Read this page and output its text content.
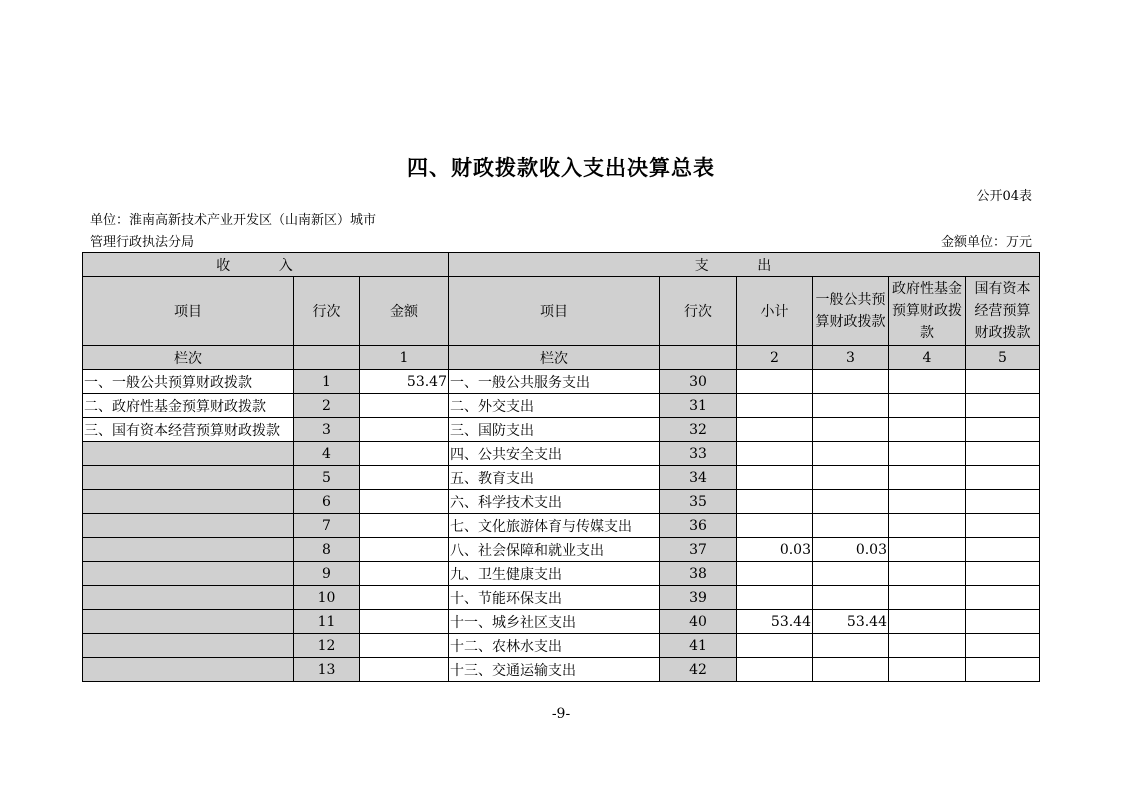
四、财政拨款收入支出决算总表
公开04表
单位：淮南高新技术产业开发区（山南新区）城市
管理行政执法分局	金额单位：万元
收 入			支 出					
项目	行次	金额	项目	行次	小计	一般公共预算财政拨款	政府性基金预算财政拨款	国有资本经营预算财政拨款
栏次		1	栏次		2	3	4	5
一、一般公共预算财政拨款	1	53.47	一、一般公共服务支出	30				
二、政府性基金预算财政拨款	2		二、外交支出	31				
三、国有资本经营预算财政拨款	3		三、国防支出	32				
	4		四、公共安全支出	33				
	5		五、教育支出	34				
	6		六、科学技术支出	35				
	7		七、文化旅游体育与传媒支出	36				
	8		八、社会保障和就业支出	37	0.03	0.03		
	9		九、卫生健康支出	38				
	10		十、节能环保支出	39				
	11		十一、城乡社区支出	40	53.44	53.44		
	12		十二、农林水支出	41				
	13		十三、交通运输支出	42				
-9-
